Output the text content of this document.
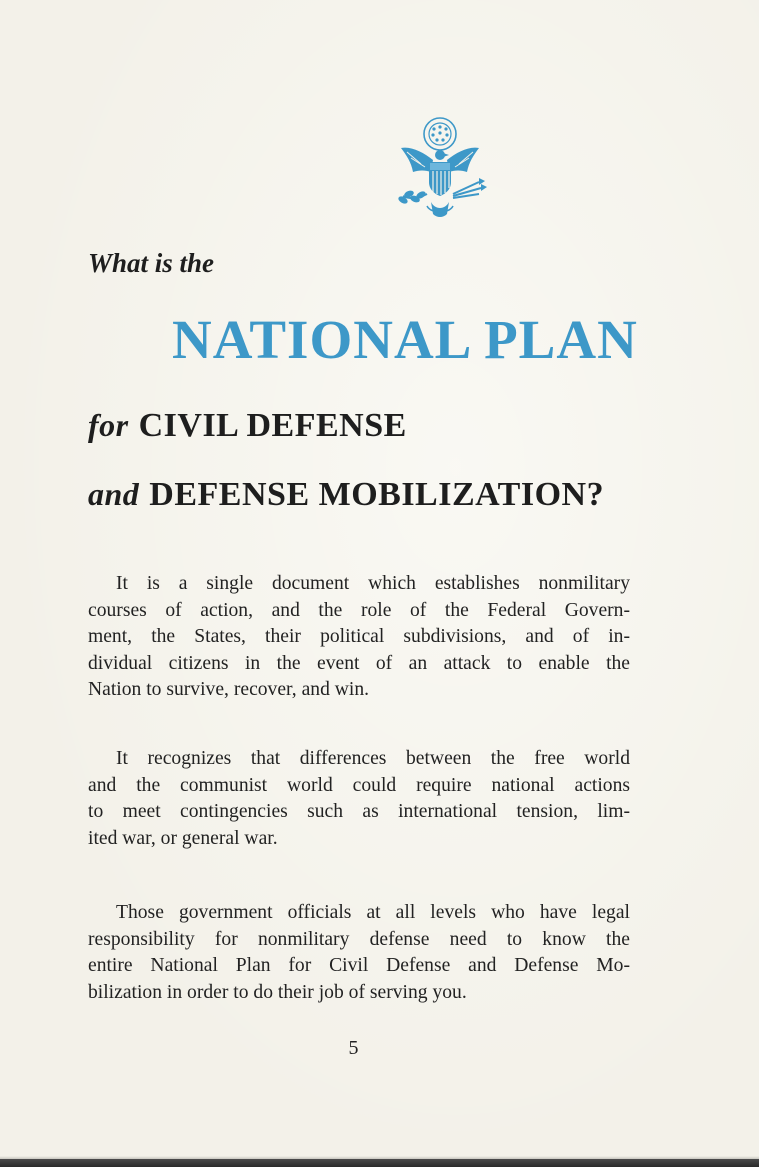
What is the
NATIONAL PLAN
for CIVIL DEFENSE
and DEFENSE MOBILIZATION?
It is a single document which establishes nonmilitary
courses of action, and the role of the Federal Govern-
ment, the States, their political subdivisions, and of in-
dividual citizens in the event of an attack to enable the
Nation to survive, recover, and win.
It recognizes that differences between the free world
and the communist world could require national actions
to meet contingencies such as international tension, lim-
ited war, or general war.
Those government officials at all levels who have legal
responsibility for nonmilitary defense need to know the
entire National Plan for Civil Defense and Defense Mo-
bilization in order to do their job of serving you.
5
